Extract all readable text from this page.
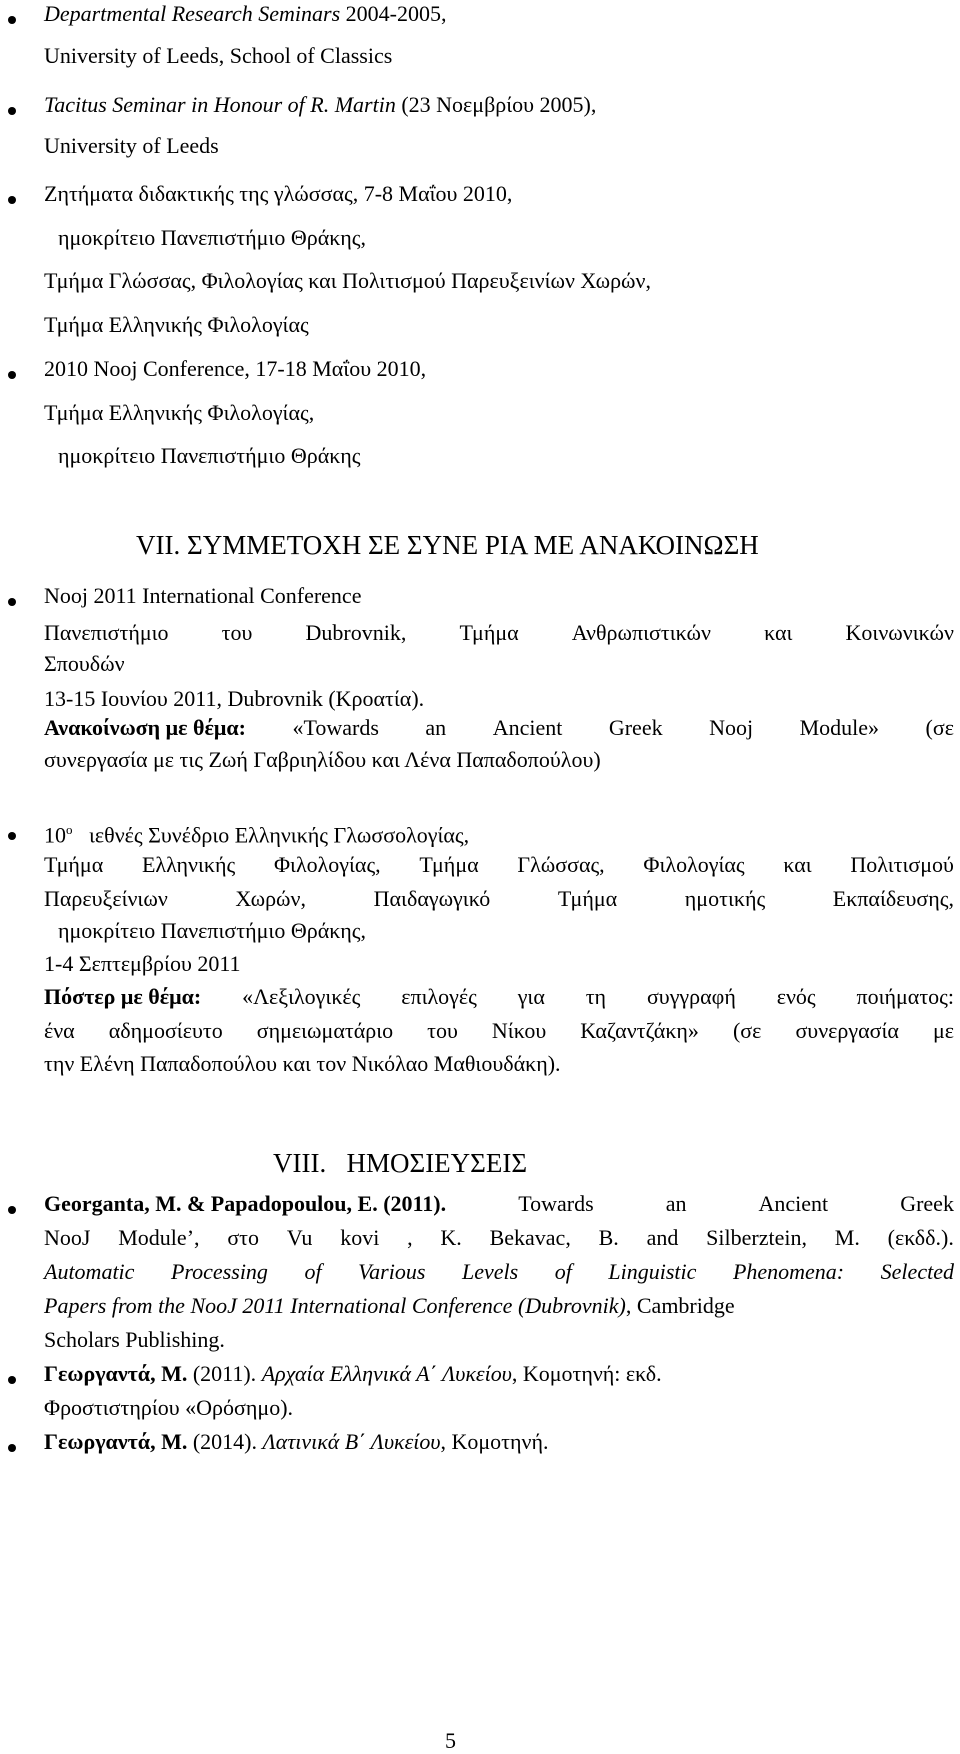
Departmental Research Seminars 2004-2005,
University of Leeds, School of Classics
Tacitus Seminar in Honour of R. Martin (23 Νοεμβρίου 2005),
University of Leeds
Ζητήματα διδακτικής της γλώσσας, 7-8 Μαΐου 2010,
ημοκρίτειο Πανεπιστήμιο Θράκης,
Τμήμα Γλώσσας, Φιλολογίας και Πολιτισμού Παρευξεινίων Χωρών,
Τμήμα Ελληνικής Φιλολογίας
2010 Nooj Conference, 17-18 Μαΐου 2010,
Τμήμα Ελληνικής Φιλολογίας,
ημοκρίτειο Πανεπιστήμιο Θράκης
VII. ΣΥΜΜΕΤΟΧΗ ΣΕ ΣΥΝΕ ΡΙΑ ΜΕ ΑΝΑΚΟΙΝΩΣΗ
Nooj 2011 International Conference
Πανεπιστήμιο του Dubrovnik, Τμήμα Ανθρωπιστικών και Κοινωνικών
Σπουδών
13-15 Ιουνίου 2011, Dubrovnik (Κροατία).
Ανακοίνωση με θέμα: «Towards an Ancient Greek Nooj Module» (σε
συνεργασία με τις Ζωή Γαβριηλίδου και Λένα Παπαδοπούλου)
$10^o$ ιεθνές Συνέδριο Ελληνικής Γλωσσολογίας,
Τμήμα Ελληνικής Φιλολογίας, Τμήμα Γλώσσας, Φιλολογίας και Πολιτισμού
Παρευξείνιων	Χωρών,	Παιδαγωγικό	Τμήμα	ημοτικής	Εκπαίδευσης,
ημοκρίτειο Πανεπιστήμιο Θράκης,
1-4 Σεπτεμβρίου 2011
Πόστερ με θέμα: «Λεξιλογικές επιλογές για τη συγγραφή ενός ποιήματος:
ένα αδημοσίευτο σημειωματάριο του Νίκου Καζαντζάκη» (σε συνεργασία με
την Ελένη Παπαδοπούλου και τον Νικόλαο Μαθιουδάκη).
VIII.   ΗΜΟΣΙΕΥΣΕΙΣ
Georganta, M. & Papadopoulou, E. (2011).	Towards	an	Ancient	Greek
NooJ Module’, στο Vu kovi , K. Bekavac, B. and Silberztein, M. (εκδδ.).
Automatic Processing of Various Levels of Linguistic Phenomena: Selected
Papers from the NooJ 2011 International Conference (Dubrovnik), Cambridge
Scholars Publishing.
Γεωργαντά, Μ. (2011). Αρχαία Ελληνικά Α΄ Λυκείου, Κομοτηνή: εκδ.
Φροστιστηρίου «Ορόσημο).
Γεωργαντά, Μ. (2014). Λατινικά Β΄ Λυκείου, Κομοτηνή.
5
